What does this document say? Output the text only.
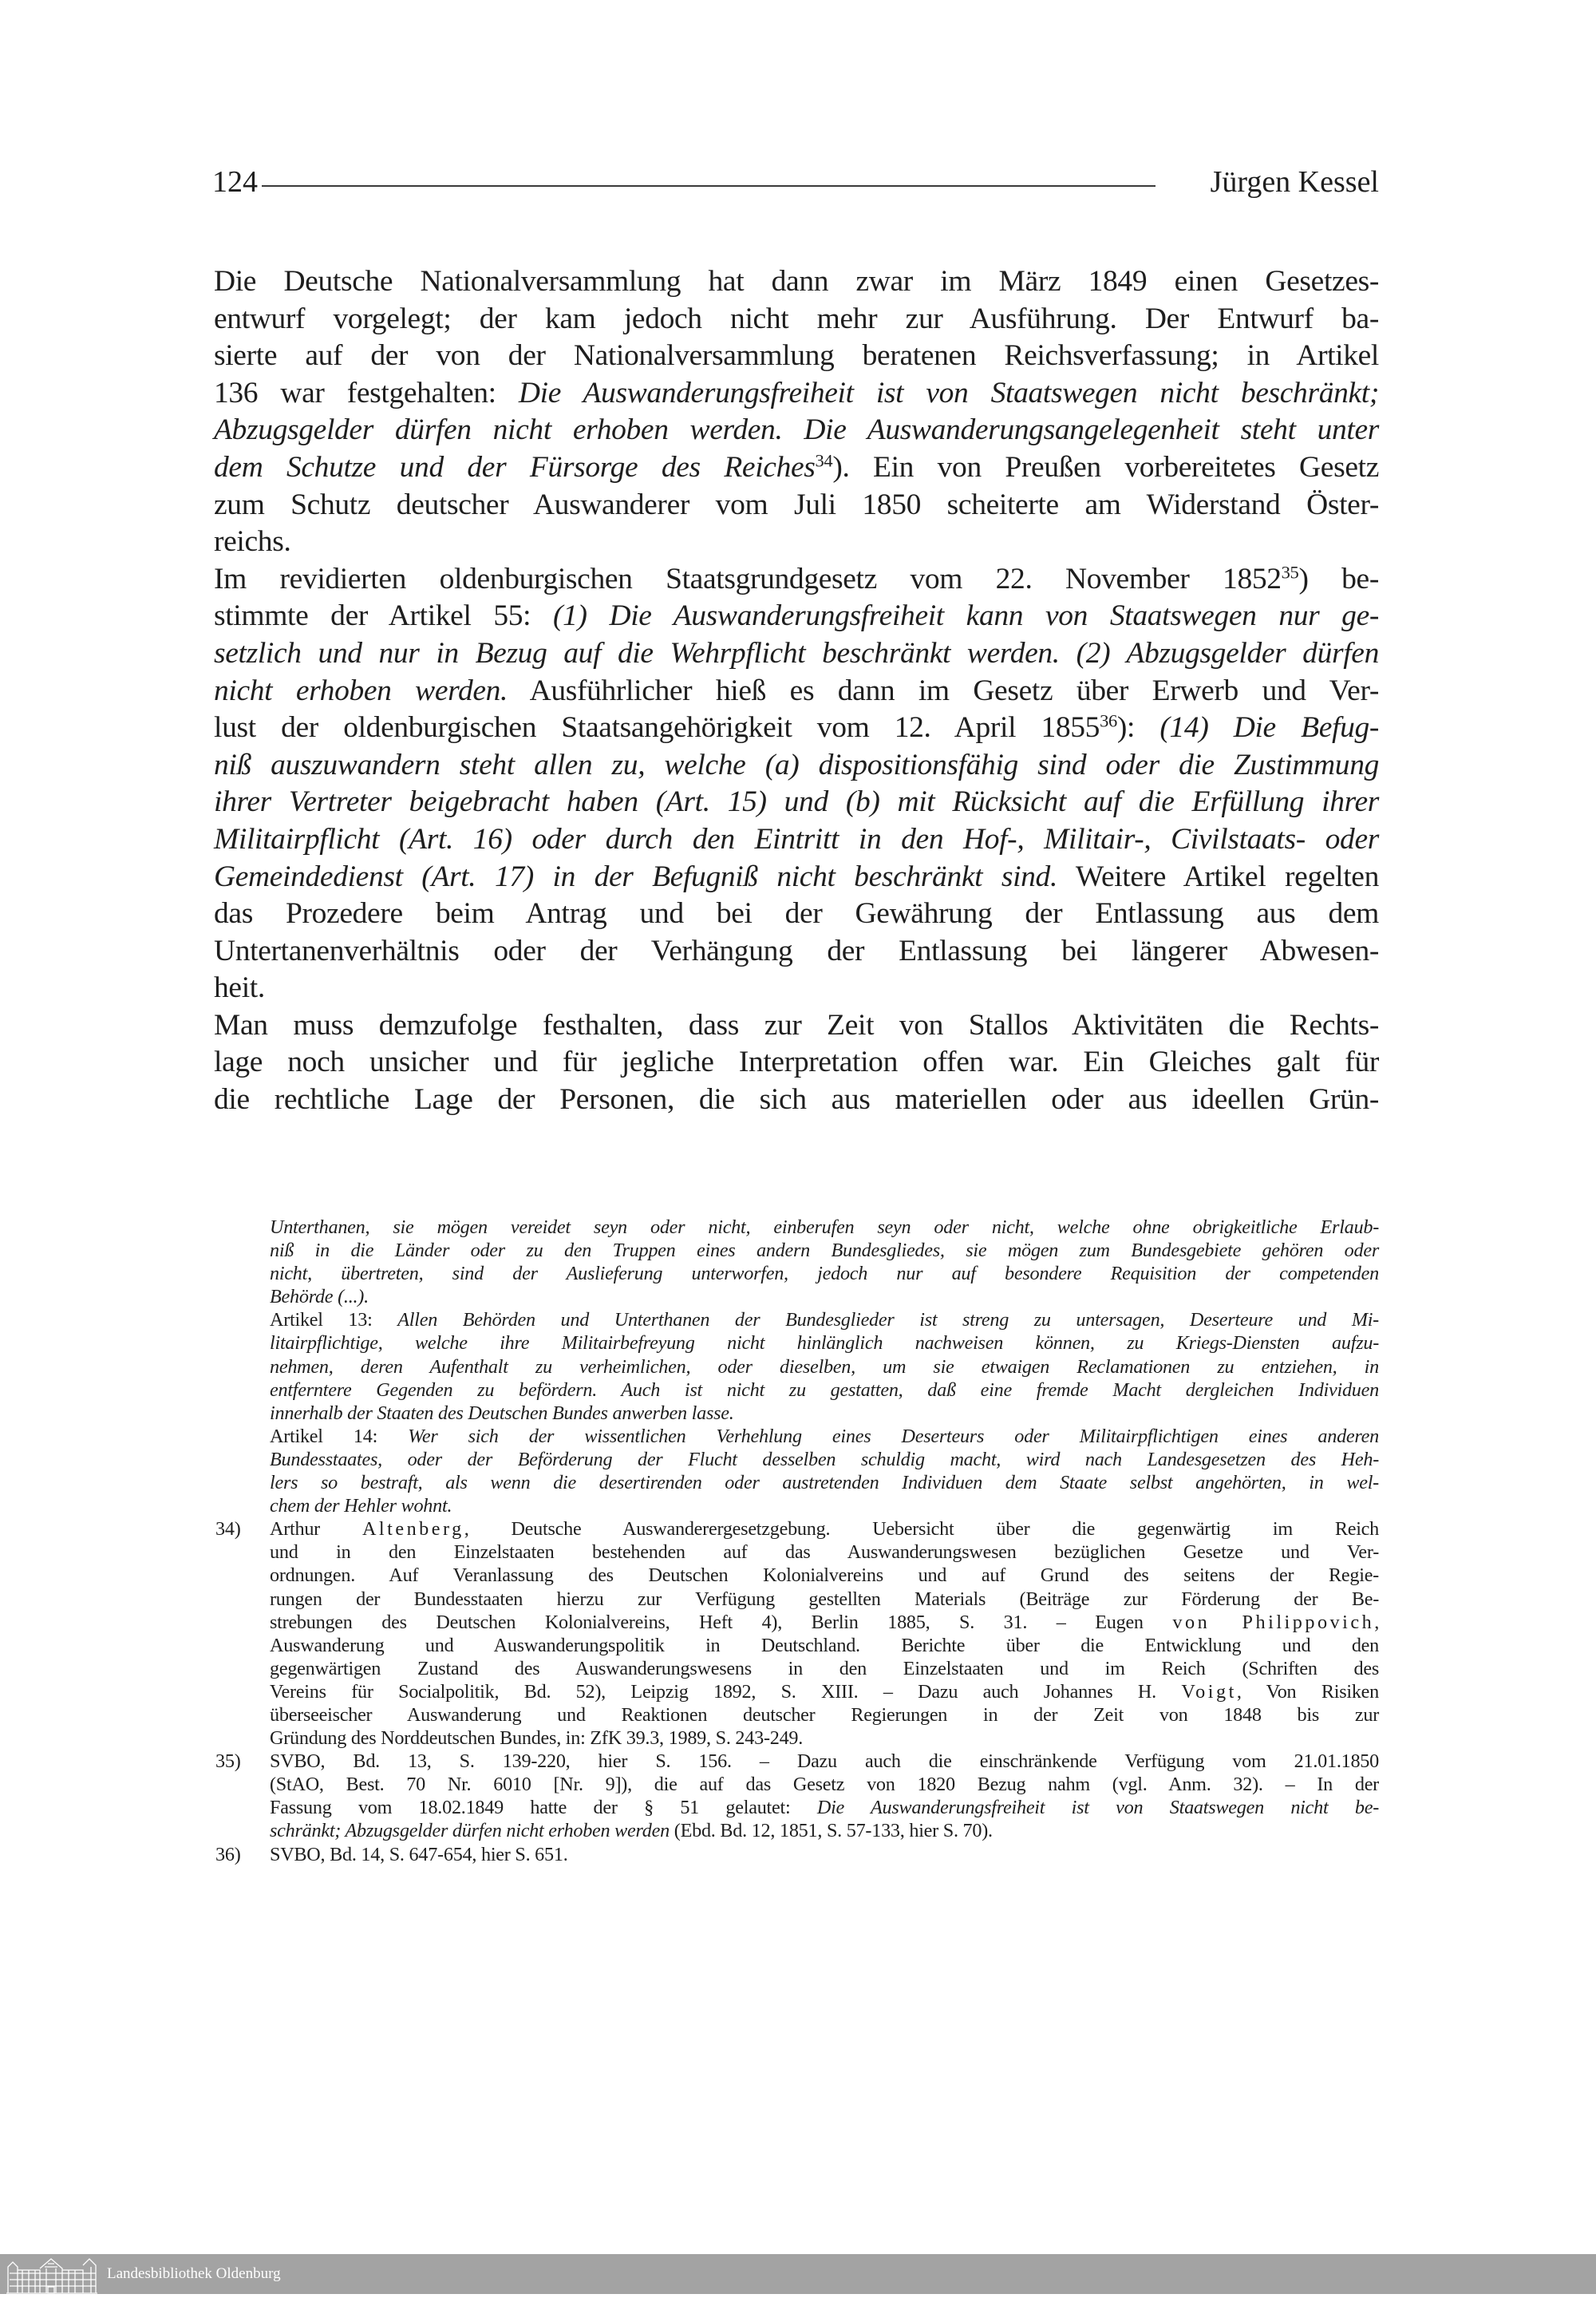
124	Jürgen Kessel
Die Deutsche Nationalversammlung hat dann zwar im März 1849 einen Gesetzes-
entwurf vorgelegt; der kam jedoch nicht mehr zur Ausführung. Der Entwurf ba-
sierte auf der von der Nationalversammlung beratenen Reichsverfassung; in Artikel
136 war festgehalten: Die Auswanderungsfreiheit ist von Staatswegen nicht beschränkt;
Abzugsgelder dürfen nicht erhoben werden. Die Auswanderungsangelegenheit steht unter
dem Schutze und der Fürsorge des Reiches$^{34}$). Ein von Preußen vorbereitetes Gesetz
zum Schutz deutscher Auswanderer vom Juli 1850 scheiterte am Widerstand Öster-
reichs.
Im revidierten oldenburgischen Staatsgrundgesetz vom 22. November 1852$^{35}$) be-
stimmte der Artikel 55: (1) Die Auswanderungsfreiheit kann von Staatswegen nur ge-
setzlich und nur in Bezug auf die Wehrpflicht beschränkt werden. (2) Abzugsgelder dürfen
nicht erhoben werden. Ausführlicher hieß es dann im Gesetz über Erwerb und Ver-
lust der oldenburgischen Staatsangehörigkeit vom 12. April 1855$^{36}$): (14) Die Befug-
niß auszuwandern steht allen zu, welche (a) dispositionsfähig sind oder die Zustimmung
ihrer Vertreter beigebracht haben (Art. 15) und (b) mit Rücksicht auf die Erfüllung ihrer
Militairpflicht (Art. 16) oder durch den Eintritt in den Hof-, Militair-, Civilstaats- oder
Gemeindedienst (Art. 17) in der Befugniß nicht beschränkt sind. Weitere Artikel regelten
das Prozedere beim Antrag und bei der Gewährung der Entlassung aus dem
Untertanenverhältnis oder der Verhängung der Entlassung bei längerer Abwesen-
heit.
Man muss demzufolge festhalten, dass zur Zeit von Stallos Aktivitäten die Rechts-
lage noch unsicher und für jegliche Interpretation offen war. Ein Gleiches galt für
die rechtliche Lage der Personen, die sich aus materiellen oder aus ideellen Grün-
Unterthanen, sie mögen vereidet seyn oder nicht, einberufen seyn oder nicht, welche ohne obrigkeitliche Erlaub-
niß in die Länder oder zu den Truppen eines andern Bundesgliedes, sie mögen zum Bundesgebiete gehören oder
nicht, übertreten, sind der Auslieferung unterworfen, jedoch nur auf besondere Requisition der competenden
Behörde (...).
Artikel 13: Allen Behörden und Unterthanen der Bundesglieder ist streng zu untersagen, Deserteure und Mi-
litairpflichtige, welche ihre Militairbefreyung nicht hinlänglich nachweisen können, zu Kriegs-Diensten aufzu-
nehmen, deren Aufenthalt zu verheimlichen, oder dieselben, um sie etwaigen Reclamationen zu entziehen, in
entferntere Gegenden zu befördern. Auch ist nicht zu gestatten, daß eine fremde Macht dergleichen Individuen
innerhalb der Staaten des Deutschen Bundes anwerben lasse.
Artikel 14: Wer sich der wissentlichen Verhehlung eines Deserteurs oder Militairpflichtigen eines anderen
Bundesstaates, oder der Beförderung der Flucht desselben schuldig macht, wird nach Landesgesetzen des Heh-
lers so bestraft, als wenn die desertirenden oder austretenden Individuen dem Staate selbst angehörten, in wel-
chem der Hehler wohnt.
34) Arthur Altenberg, Deutsche Auswanderergesetzgebung. Uebersicht über die gegenwärtig im Reich
und in den Einzelstaaten bestehenden auf das Auswanderungswesen bezüglichen Gesetze und Ver-
ordnungen. Auf Veranlassung des Deutschen Kolonialvereins und auf Grund des seitens der Regie-
rungen der Bundesstaaten hierzu zur Verfügung gestellten Materials (Beiträge zur Förderung der Be-
strebungen des Deutschen Kolonialvereins, Heft 4), Berlin 1885, S. 31. – Eugen von Philippovich,
Auswanderung und Auswanderungspolitik in Deutschland. Berichte über die Entwicklung und den
gegenwärtigen Zustand des Auswanderungswesens in den Einzelstaaten und im Reich (Schriften des
Vereins für Socialpolitik, Bd. 52), Leipzig 1892, S. XIII. – Dazu auch Johannes H. Voigt, Von Risiken
überseeischer Auswanderung und Reaktionen deutscher Regierungen in der Zeit von 1848 bis zur
Gründung des Norddeutschen Bundes, in: ZfK 39.3, 1989, S. 243-249.
35) SVBO, Bd. 13, S. 139-220, hier S. 156. – Dazu auch die einschränkende Verfügung vom 21.01.1850
(StAO, Best. 70 Nr. 6010 [Nr. 9]), die auf das Gesetz von 1820 Bezug nahm (vgl. Anm. 32). – In der
Fassung vom 18.02.1849 hatte der § 51 gelautet: Die Auswanderungsfreiheit ist von Staatswegen nicht be-
schränkt; Abzugsgelder dürfen nicht erhoben werden (Ebd. Bd. 12, 1851, S. 57-133, hier S. 70).
36) SVBO, Bd. 14, S. 647-654, hier S. 651.
Landesbibliothek Oldenburg
